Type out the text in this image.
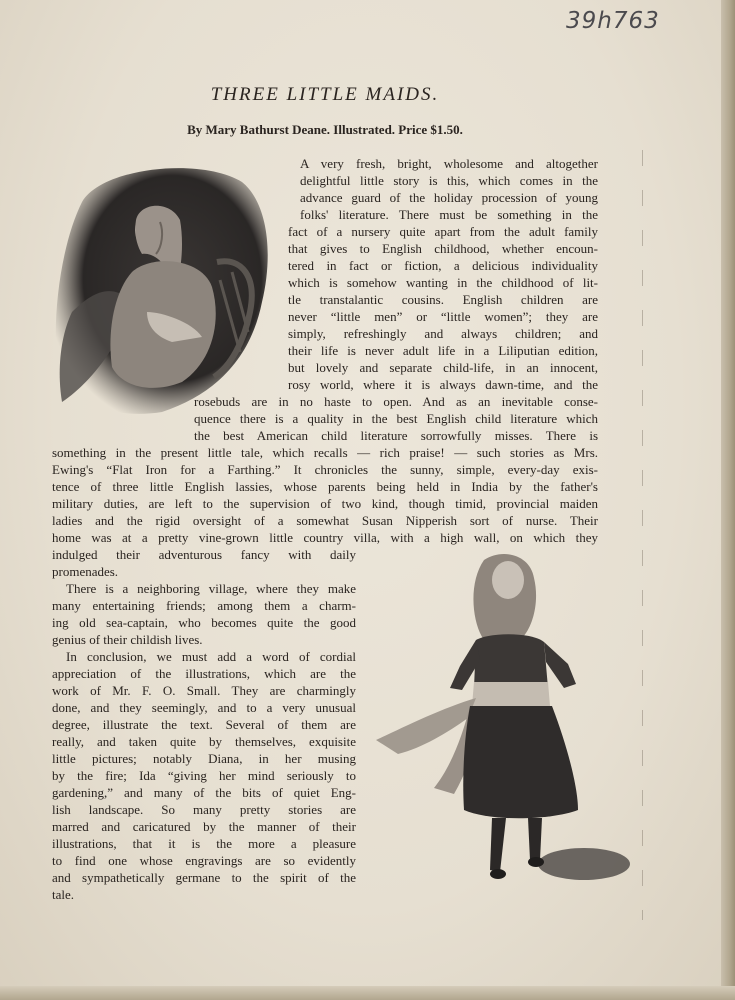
39h763
THREE LITTLE MAIDS.
By Mary Bathurst Deane. Illustrated. Price $1.50.
A very fresh, bright, wholesome and altogether
delightful little story is this, which comes in the
advance guard of the holiday procession of young
folks' literature. There must be something in the
fact of a nursery quite apart from the adult family
that gives to English childhood, whether encoun-
tered in fact or fiction, a delicious individuality
which is somehow wanting in the childhood of lit-
tle transtalantic cousins. English children are
never “little men” or “little women”; they are
simply, refreshingly and always children; and
their life is never adult life in a Liliputian edition,
but lovely and separate child-life, in an innocent,
rosy world, where it is always dawn-time, and the
rosebuds are in no haste to open. And as an inevitable conse-
quence there is a quality in the best English child literature which
the best American child literature sorrowfully misses. There is
something in the present little tale, which recalls — rich praise! — such stories as Mrs.
Ewing's “Flat Iron for a Farthing.” It chronicles the sunny, simple, every-day exis-
tence of three little English lassies, whose parents being held in India by the father's
military duties, are left to the supervision of two kind, though timid, provincial maiden
ladies and the rigid oversight of a somewhat Susan Nipperish sort of nurse. Their
home was at a pretty vine-grown little country villa, with a high wall, on which they
indulged their adventurous fancy with daily
promenades.
There is a neighboring village, where they make
many entertaining friends; among them a charm-
ing old sea-captain, who becomes quite the good
genius of their childish lives.
In conclusion, we must add a word of cordial
appreciation of the illustrations, which are the
work of Mr. F. O. Small. They are charmingly
done, and they seemingly, and to a very unusual
degree, illustrate the text. Several of them are
really, and taken quite by themselves, exquisite
little pictures; notably Diana, in her musing
by the fire; Ida “giving her mind seriously to
gardening,” and many of the bits of quiet Eng-
lish landscape. So many pretty stories are
marred and caricatured by the manner of their
illustrations, that it is the more a pleasure
to find one whose engravings are so evidently
and sympathetically germane to the spirit of the
tale.
